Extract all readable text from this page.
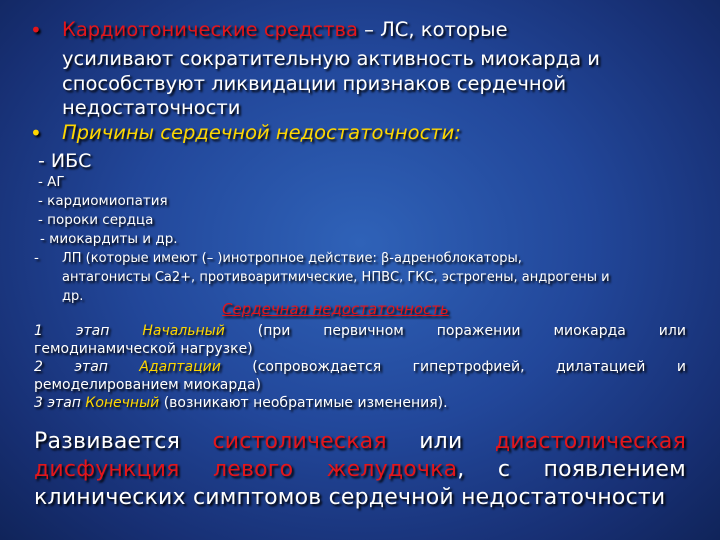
• Кардиотонические средства – ЛС, которые
усиливают сократительную активность миокарда и
способствуют ликвидации признаков сердечной
недостаточности
• Причины сердечной недостаточности:
- ИБС
- АГ
- кардиомиопатия
- пороки сердца
- миокардиты и др.
- ЛП (которые имеют (– )инотропное действие: β-адреноблокаторы,
антагонисты Ca2+, противоаритмические, НПВС, ГКС, эстрогены, андрогены и
др.
Сердечная недостаточность
1 этап Начальный (при первичном поражении миокарда или
гемодинамической нагрузке)
2 этап Адаптации (сопровождается гипертрофией, дилатацией и
ремоделированием миокарда)
3 этап Конечный (возникают необратимые изменения).
Развивается систолическая или диастолическая
дисфункция левого желудочка, с появлением
клинических симптомов сердечной недостаточности
